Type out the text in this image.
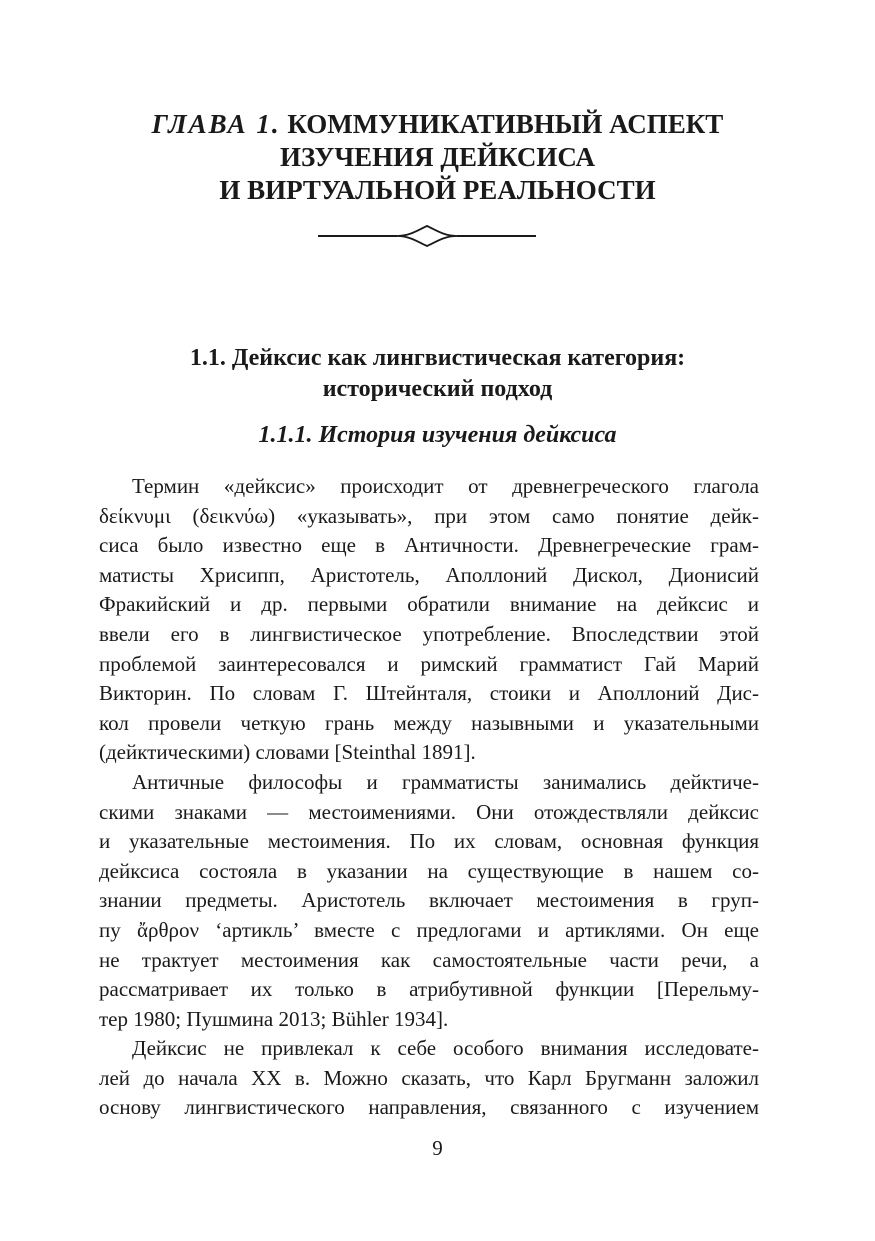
ГЛАВА 1. КОММУНИКАТИВНЫЙ АСПЕКТ
ИЗУЧЕНИЯ ДЕЙКСИСА
И ВИРТУАЛЬНОЙ РЕАЛЬНОСТИ
1.1. Дейксис как лингвистическая категория:
исторический подход
1.1.1. История изучения дейксиса
Термин «дейксис» происходит от древнегреческого глагола
δείκνυμι (δεικνύω) «указывать», при этом само понятие дейк-
сиса было известно еще в Античности. Древнегреческие грам-
матисты Хрисипп, Аристотель, Аполлоний Дискол, Дионисий
Фракийский и др. первыми обратили внимание на дейксис и
ввели его в лингвистическое употребление. Впоследствии этой
проблемой заинтересовался и римский грамматист Гай Марий
Викторин. По словам Г. Штейнталя, стоики и Аполлоний Дис-
кол провели четкую грань между назывными и указательными
(дейктическими) словами [Steinthal 1891].
Античные философы и грамматисты занимались дейктиче-
скими знаками — местоимениями. Они отождествляли дейксис
и указательные местоимения. По их словам, основная функция
дейксиса состояла в указании на существующие в нашем со-
знании предметы. Аристотель включает местоимения в груп-
пу ἄρθρον ‘артикль’ вместе с предлогами и артиклями. Он еще
не трактует местоимения как самостоятельные части речи, а
рассматривает их только в атрибутивной функции [Перельму-
тер 1980; Пушмина 2013; Bühler 1934].
Дейксис не привлекал к себе особого внимания исследовате-
лей до начала XX в. Можно сказать, что Карл Бругманн заложил
основу лингвистического направления, связанного с изучением
9
